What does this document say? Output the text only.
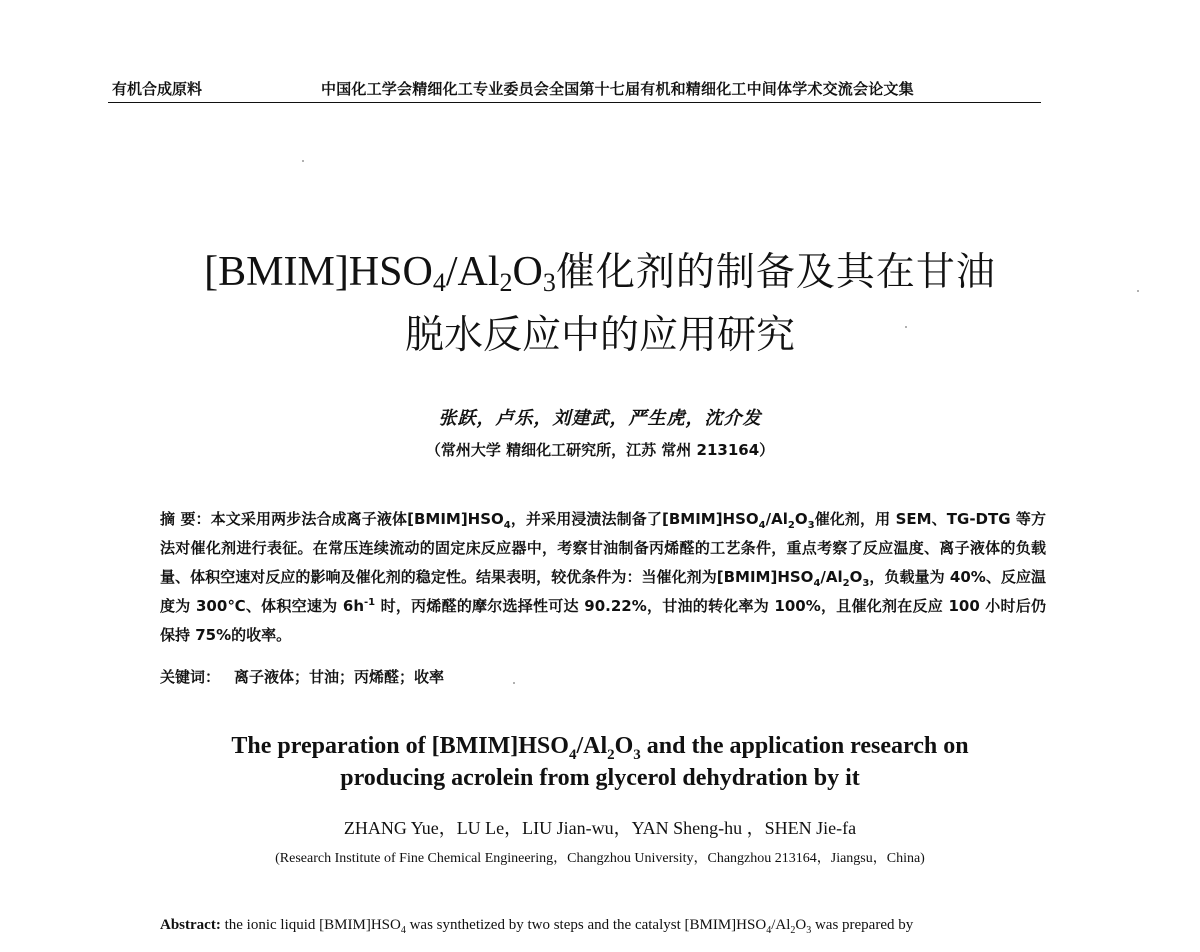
有机合成原料	中国化工学会精细化工专业委员会全国第十七届有机和精细化工中间体学术交流会论文集
$[BMIM]HSO_4/Al_2O_3$催化剂的制备及其在甘油
脱水反应中的应用研究
张跃，卢乐，刘建武，严生虎，沈介发
（常州大学 精细化工研究所，江苏 常州 213164）
摘 要：本文采用两步法合成离子液体$[BMIM]HSO_4$，并采用浸渍法制备了$[BMIM]HSO_4/Al_2O_3$催化剂，用 SEM、TG-DTG 等方法对催化剂进行表征。在常压连续流动的固定床反应器中，考察甘油制备丙烯醛的工艺条件，重点考察了反应温度、离子液体的负载量、体积空速对反应的影响及催化剂的稳定性。结果表明，较优条件为：当催化剂为$[BMIM]HSO_4/Al_2O_3$，负载量为 40%、反应温度为 300℃、体积空速为 $6h^{-1}$ 时，丙烯醛的摩尔选择性可达 90.22%，甘油的转化率为 100%，且催化剂在反应 100 小时后仍保持 75%的收率。
关键词： 离子液体；甘油；丙烯醛；收率
The preparation of $[BMIM]HSO_4/Al_2O_3$ and the application research on
producing acrolein from glycerol dehydration by it
ZHANG Yue，LU Le，LIU Jian-wu，YAN Sheng-hu ，SHEN Jie-fa
(Research Institute of Fine Chemical Engineering，Changzhou University，Changzhou 213164，Jiangsu，China)
Abstract: the ionic liquid $[BMIM]HSO_4$ was synthetized by two steps and the catalyst $[BMIM]HSO_4/Al_2O_3$ was prepared by
